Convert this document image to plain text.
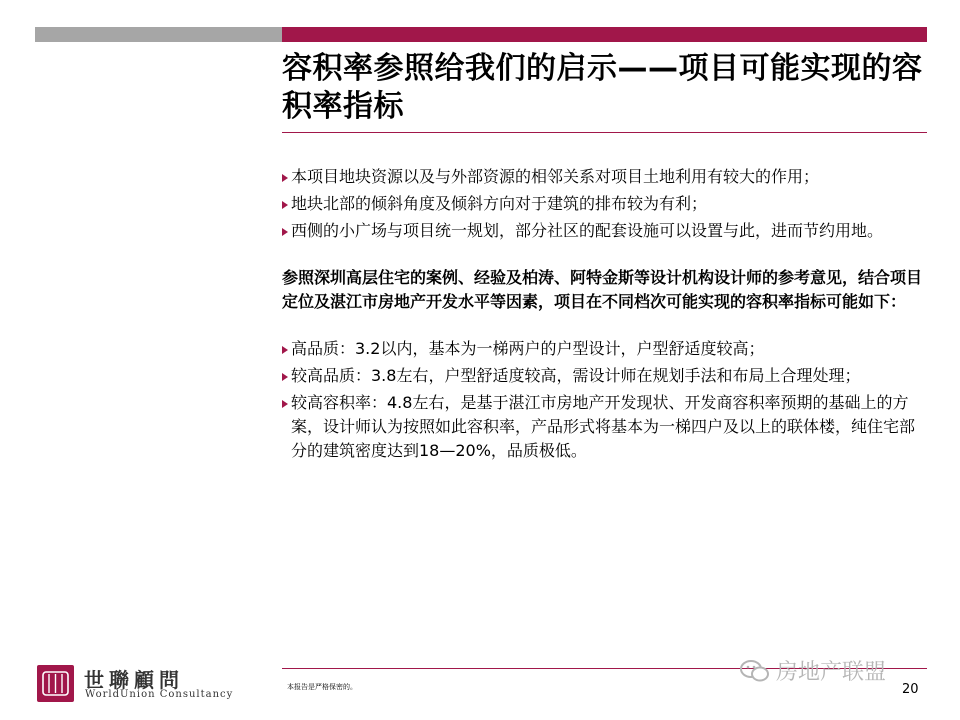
容积率参照给我们的启示——项目可能实现的容积率指标
本项目地块资源以及与外部资源的相邻关系对项目土地利用有较大的作用；
地块北部的倾斜角度及倾斜方向对于建筑的排布较为有利；
西侧的小广场与项目统一规划，部分社区的配套设施可以设置与此，进而节约用地。
参照深圳高层住宅的案例、经验及柏涛、阿特金斯等设计机构设计师的参考意见，结合项目定位及湛江市房地产开发水平等因素，项目在不同档次可能实现的容积率指标可能如下：
高品质：3.2以内，基本为一梯两户的户型设计，户型舒适度较高；
较高品质：3.8左右，户型舒适度较高，需设计师在规划手法和布局上合理处理；
较高容积率：4.8左右，是基于湛江市房地产开发现状、开发商容积率预期的基础上的方案，设计师认为按照如此容积率，产品形式将基本为一梯四户及以上的联体楼，纯住宅部分的建筑密度达到18—20%，品质极低。
世聯顧問
WorldUnion Consultancy
本报告是严格保密的。
房地产联盟
20
